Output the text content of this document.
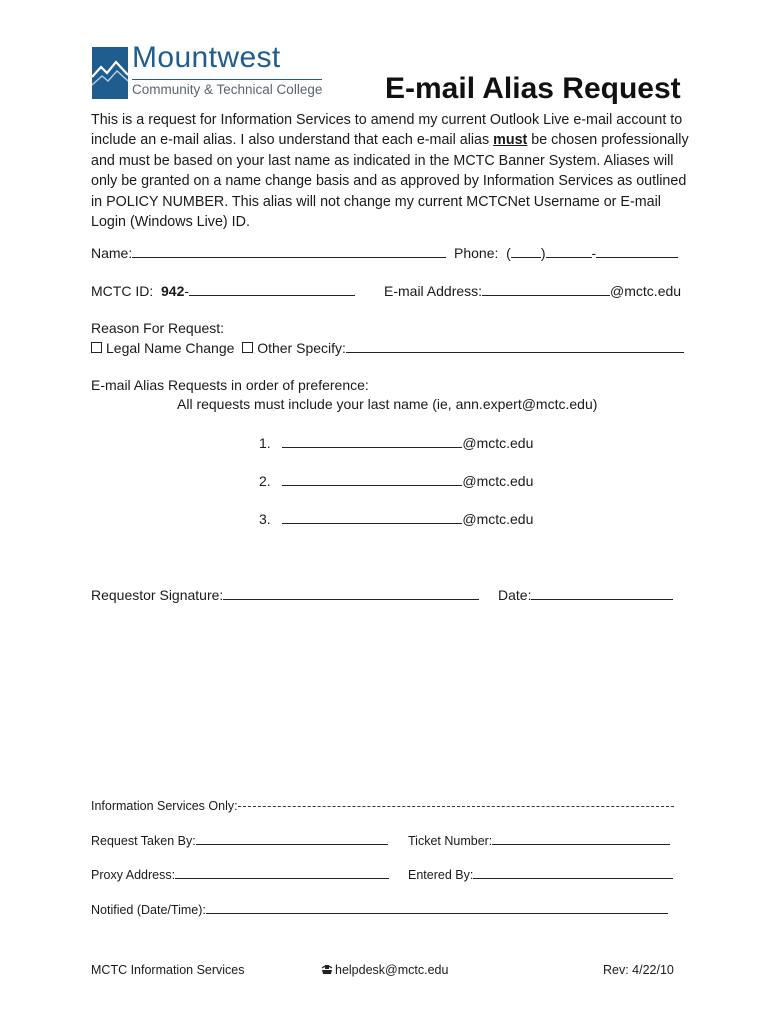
Mountwest
Community & Technical College E-mail Alias Request
This is a request for Information Services to amend my current Outlook Live e-mail account to include an e-mail alias. I also understand that each e-mail alias must be chosen professionally and must be based on your last name as indicated in the MCTC Banner System. Aliases will only be granted on a name change basis and as approved by Information Services as outlined in POLICY NUMBER. This alias will not change my current MCTCNet Username or E-mail Login (Windows Live) ID.
Name:	Phone: ( )	-
MCTC ID: 942-	E-mail Address:	@mctc.edu
Reason For Request:
Legal Name Change Other Specify:
E-mail Alias Requests in order of preference:
All requests must include your last name (ie, ann.expert@mctc.edu)
1.	@mctc.edu
2.	@mctc.edu
3.	@mctc.edu
Requestor Signature:	Date:
Information Services Only:
Request Taken By:	Ticket Number:
Proxy Address:	Entered By:
Notified (Date/Time):
MCTC Information Services	helpdesk@mctc.edu	Rev: 4/22/10
